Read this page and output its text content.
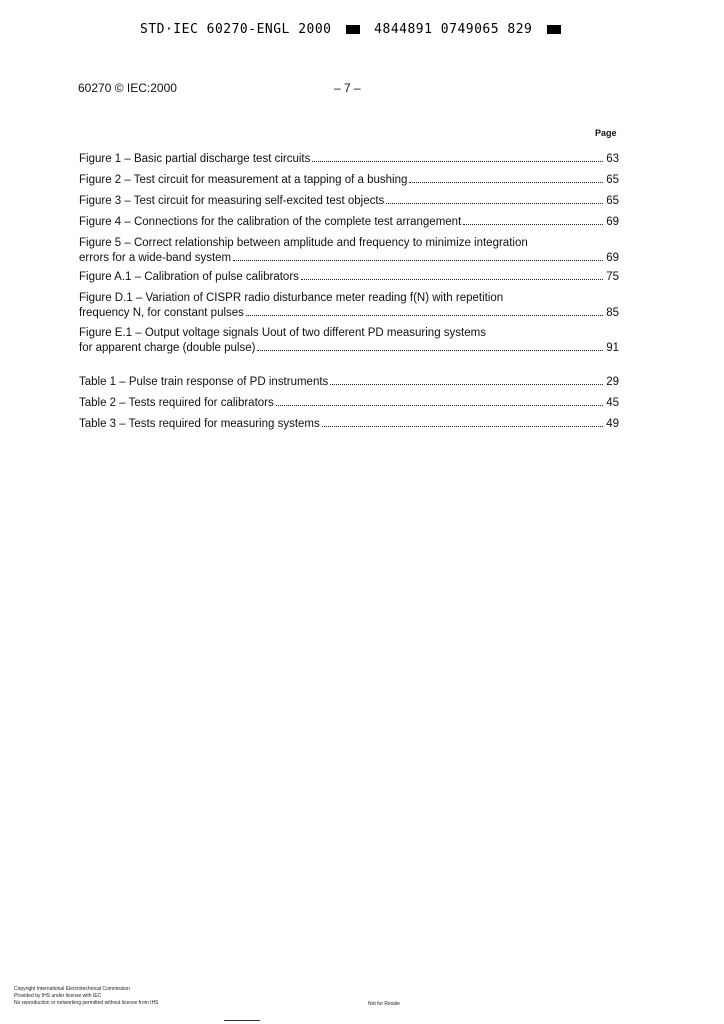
STD·IEC 60270-ENGL 2000	4844891 0749065 829
60270 © IEC:2000	– 7 –
Page
Figure 1 – Basic partial discharge test circuits	63
Figure 2 – Test circuit for measurement at a tapping of a bushing	65
Figure 3 – Test circuit for measuring self-excited test objects	65
Figure 4 – Connections for the calibration of the complete test arrangement	69
Figure 5 – Correct relationship between amplitude and frequency to minimize integration
errors for a wide-band system	69
Figure A.1 – Calibration of pulse calibrators	75
Figure D.1 – Variation of CISPR radio disturbance meter reading f(N) with repetition
frequency N, for constant pulses	85
Figure E.1 – Output voltage signals Uout of two different PD measuring systems
for apparent charge (double pulse)	91
Table 1 – Pulse train response of PD instruments	29
Table 2 – Tests required for calibrators	45
Table 3 – Tests required for measuring systems	49
Copyright International Electrotechnical Commission
Provided by IHS under license with IEC
No reproduction or networking permitted without license from IHS	Not for Resale
